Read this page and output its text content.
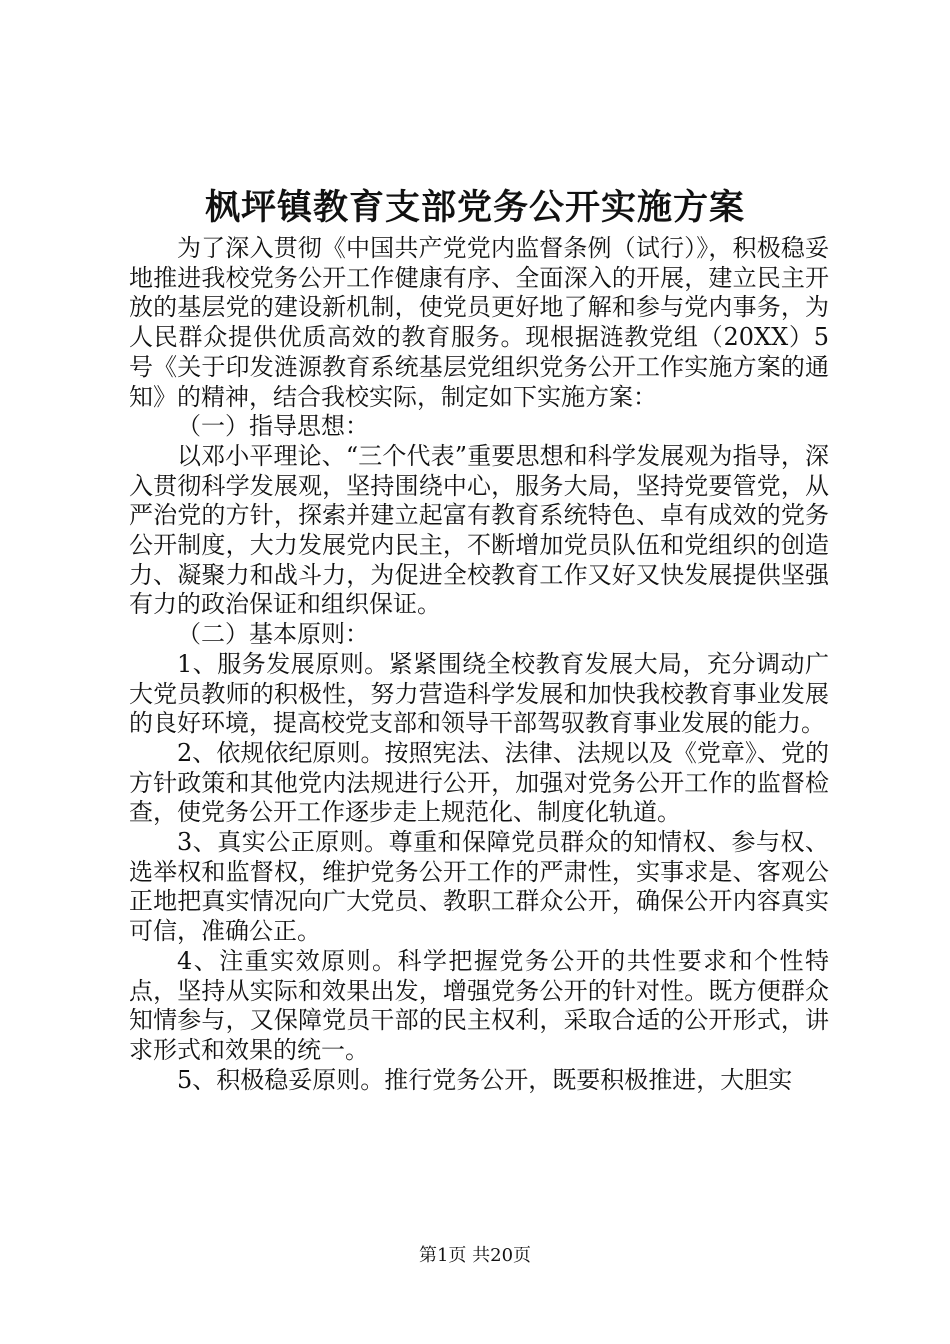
枫坪镇教育支部党务公开实施方案

为了深入贯彻《中国共产党党内监督条例（试行）》，积极稳妥地推进我校党务公开工作健康有序、全面深入的开展，建立民主开放的基层党的建设新机制，使党员更好地了解和参与党内事务，为人民群众提供优质高效的教育服务。现根据涟教党组（20XX）5号《关于印发涟源教育系统基层党组织党务公开工作实施方案的通知》的精神，结合我校实际，制定如下实施方案：

（一）指导思想：

以邓小平理论、“三个代表”重要思想和科学发展观为指导，深入贯彻科学发展观，坚持围绕中心，服务大局，坚持党要管党，从严治党的方针，探索并建立起富有教育系统特色、卓有成效的党务公开制度，大力发展党内民主，不断增加党员队伍和党组织的创造力、凝聚力和战斗力，为促进全校教育工作又好又快发展提供坚强有力的政治保证和组织保证。

（二）基本原则：

1、服务发展原则。紧紧围绕全校教育发展大局，充分调动广大党员教师的积极性，努力营造科学发展和加快我校教育事业发展的良好环境，提高校党支部和领导干部驾驭教育事业发展的能力。

2、依规依纪原则。按照宪法、法律、法规以及《党章》、党的方针政策和其他党内法规进行公开，加强对党务公开工作的监督检查，使党务公开工作逐步走上规范化、制度化轨道。

3、真实公正原则。尊重和保障党员群众的知情权、参与权、选举权和监督权，维护党务公开工作的严肃性，实事求是、客观公正地把真实情况向广大党员、教职工群众公开，确保公开内容真实可信，准确公正。

4、注重实效原则。科学把握党务公开的共性要求和个性特点，坚持从实际和效果出发，增强党务公开的针对性。既方便群众知情参与，又保障党员干部的民主权利，采取合适的公开形式，讲求形式和效果的统一。

5、积极稳妥原则。推行党务公开，既要积极推进，大胆实

第1页 共20页
